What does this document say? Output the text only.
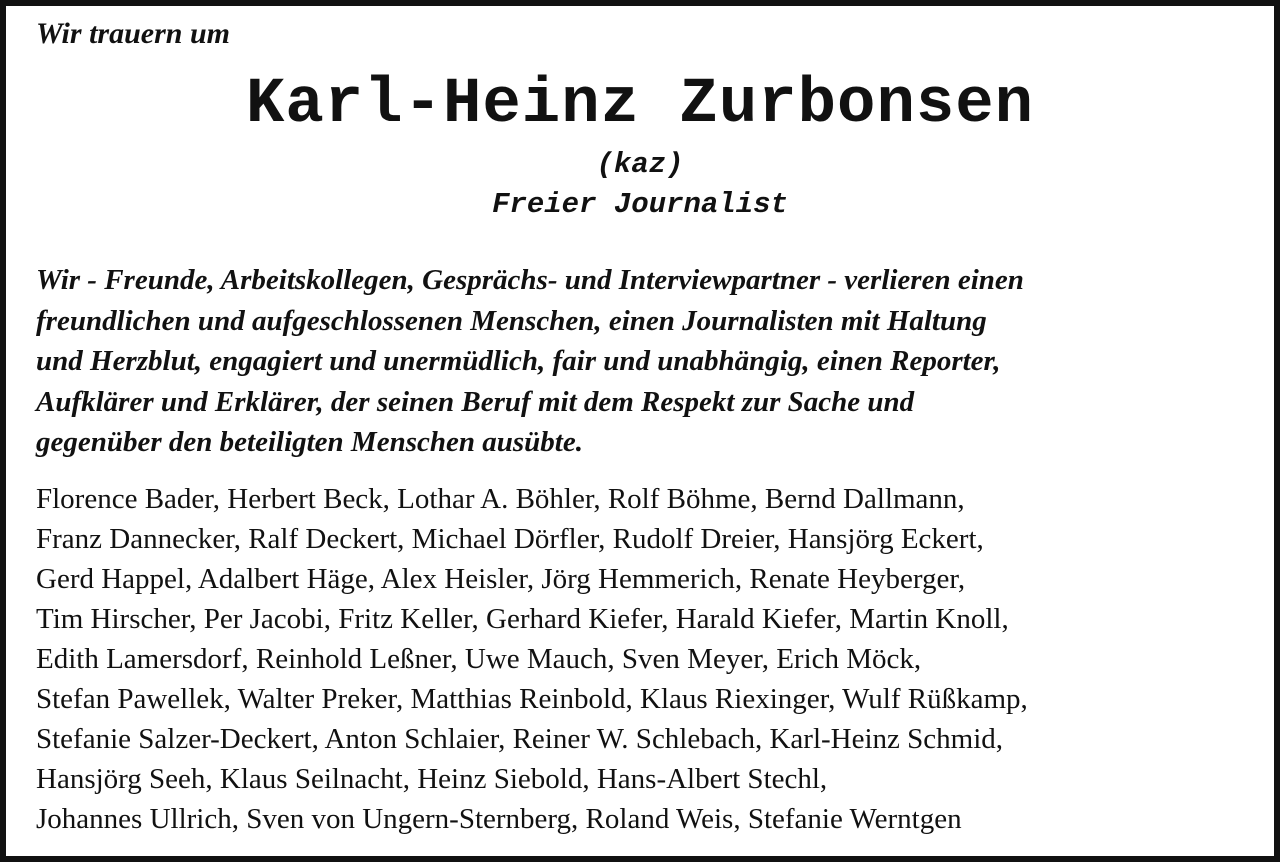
Wir trauern um

Karl-Heinz Zurbonsen
(kaz)
Freier Journalist

Wir - Freunde, Arbeitskollegen, Gesprächs- und Interviewpartner - verlieren einen
freundlichen und aufgeschlossenen Menschen, einen Journalisten mit Haltung
und Herzblut, engagiert und unermüdlich, fair und unabhängig, einen Reporter,
Aufklärer und Erklärer, der seinen Beruf mit dem Respekt zur Sache und
gegenüber den beteiligten Menschen ausübte.

Florence Bader, Herbert Beck, Lothar A. Böhler, Rolf Böhme, Bernd Dallmann,
Franz Dannecker, Ralf Deckert, Michael Dörfler, Rudolf Dreier, Hansjörg Eckert,
Gerd Happel, Adalbert Häge, Alex Heisler, Jörg Hemmerich, Renate Heyberger,
Tim Hirscher, Per Jacobi, Fritz Keller, Gerhard Kiefer, Harald Kiefer, Martin Knoll,
Edith Lamersdorf, Reinhold Leßner, Uwe Mauch, Sven Meyer, Erich Möck,
Stefan Pawellek, Walter Preker, Matthias Reinbold, Klaus Riexinger, Wulf Rüßkamp,
Stefanie Salzer-Deckert, Anton Schlaier, Reiner W. Schlebach, Karl-Heinz Schmid,
Hansjörg Seeh, Klaus Seilnacht, Heinz Siebold, Hans-Albert Stechl,
Johannes Ullrich, Sven von Ungern-Sternberg, Roland Weis, Stefanie Werntgen
